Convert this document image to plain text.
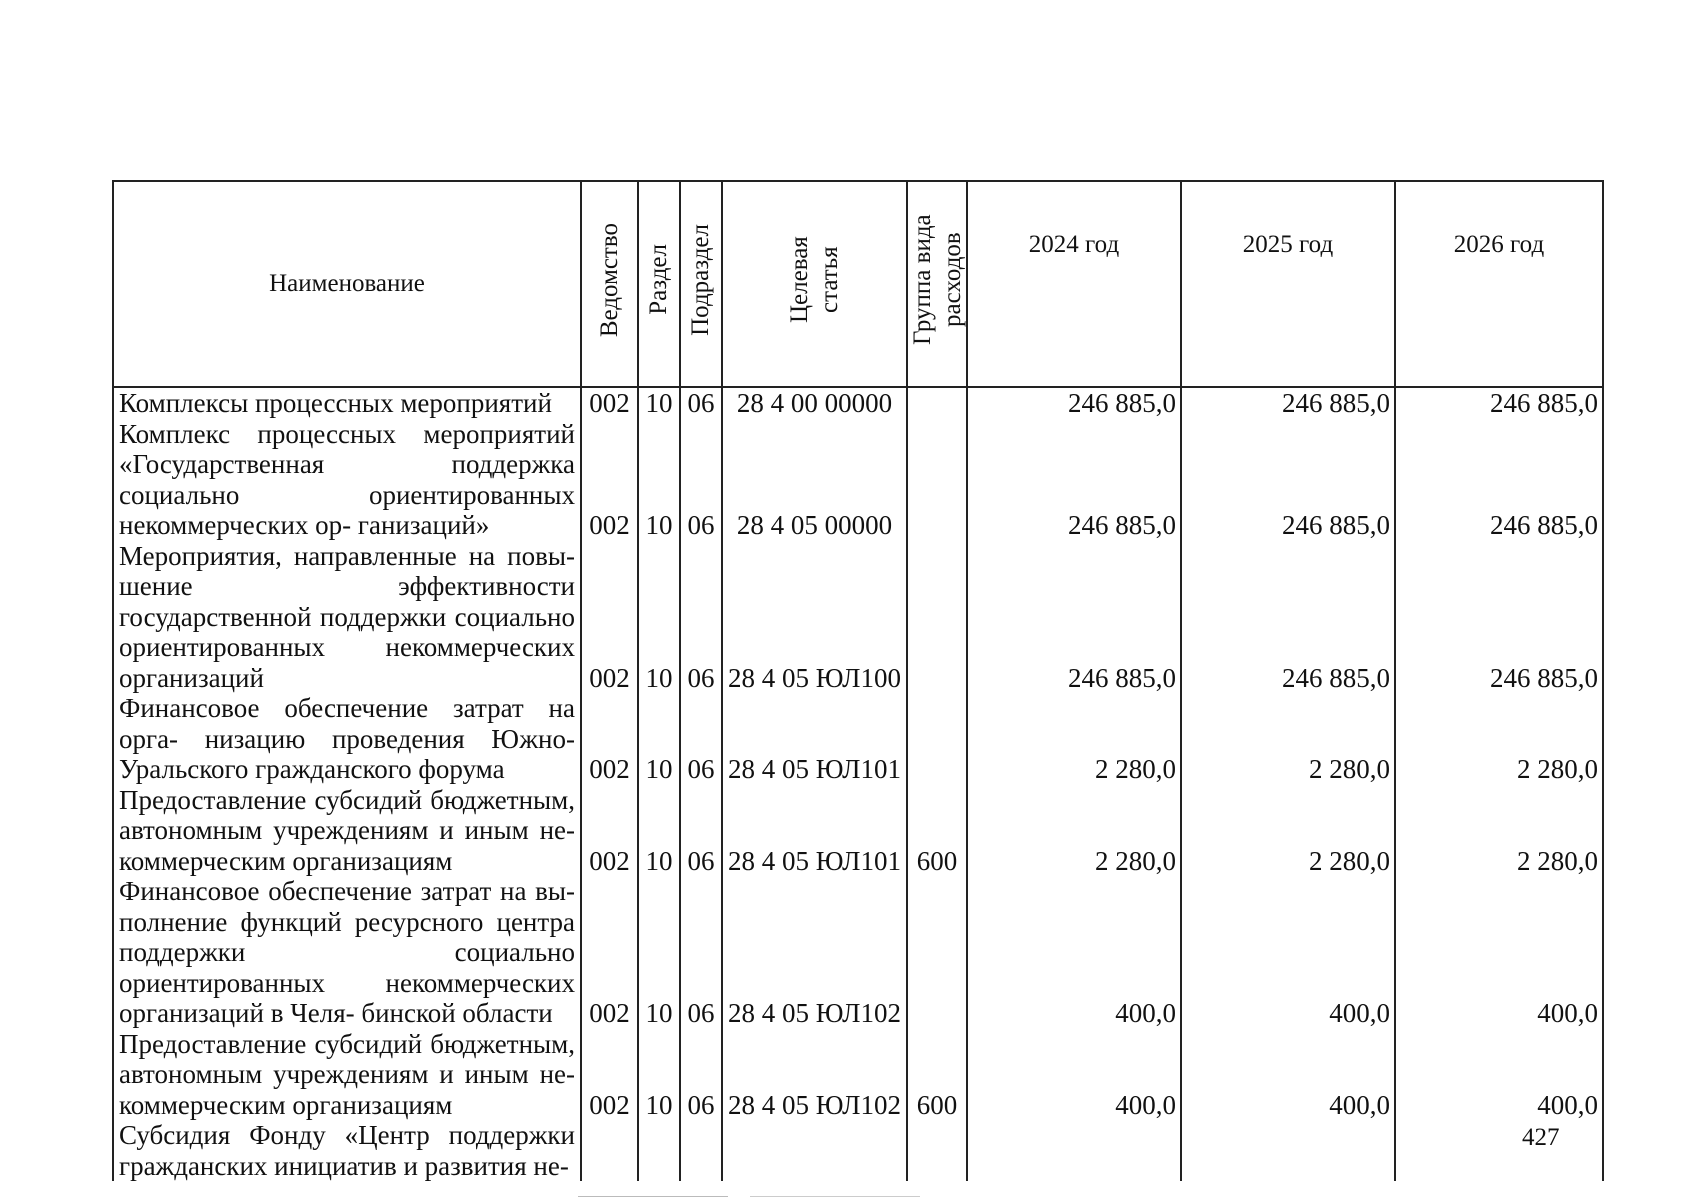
Наименование	Ведомство	Раздел	Подраздел	Целевая статья	Группа вида расходов	2024 год	2025 год	2026 год
Комплексы процессных мероприятий	002	10	06	28 4 00 00000		246 885,0	246 885,0	246 885,0
Комплекс процессных мероприятий «Государственная поддержка социально ориентированных некоммерческих ор- ганизаций»	002	10	06	28 4 05 00000		246 885,0	246 885,0	246 885,0
Мероприятия, направленные на повы- шение эффективности государственной поддержки социально ориентированных некоммерческих организаций	002	10	06	28 4 05 ЮЛ100		246 885,0	246 885,0	246 885,0
Финансовое обеспечение затрат на орга- низацию проведения Южно-Уральского гражданского форума	002	10	06	28 4 05 ЮЛ101		2 280,0	2 280,0	2 280,0
Предоставление субсидий бюджетным, автономным учреждениям и иным не- коммерческим организациям	002	10	06	28 4 05 ЮЛ101	600	2 280,0	2 280,0	2 280,0
Финансовое обеспечение затрат на вы- полнение функций ресурсного центра поддержки социально ориентированных некоммерческих организаций в Челя- бинской области	002	10	06	28 4 05 ЮЛ102		400,0	400,0	400,0
Предоставление субсидий бюджетным, автономным учреждениям и иным не- коммерческим организациям	002	10	06	28 4 05 ЮЛ102	600	400,0	400,0	400,0
Субсидия Фонду «Центр поддержки гражданских инициатив и развития не-								
427
